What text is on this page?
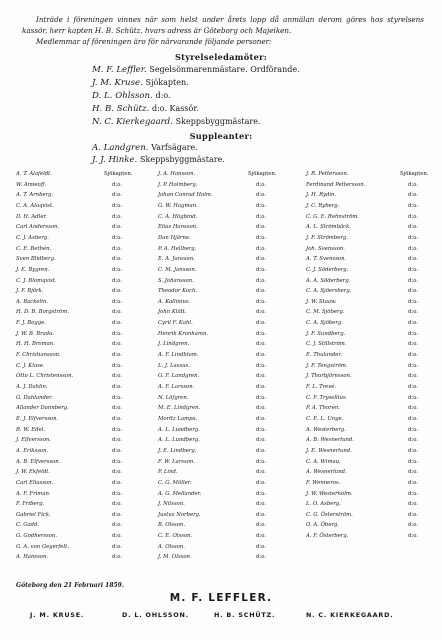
Inträde i föreningen vinnes när som helst under årets lopp då anmälan derom göres hos styrelsens kassör, herr kapten H. B. Schütz, hvars adress är Göteborg och Majeiken.

Medlemmar af föreningen äro för närvarande följande personer:

Styrelseledamöter:
M. F. Leffler. Segelsönmarenmästare. Ordförande.
J. M. Kruse. Sjökapten.
D. L. Ohlsson. d:o.
H. B. Schütz. d:o. Kassör.
N. C. Kierkegaard. Skeppsbyggmästare.
Suppleanter:
A. Landgren. Varfsägare.
J. J. Hinke. Skeppsbyggmästare.
A. T. Alafeldt.	Sjökapten.
W. Amieoff.	d:o.
A. T. Arnberg.	d:o.
C. A. Alaqvist.	d:o.
D. H. Adler.	d:o.
Carl Andersson.	d:o.
C. J. Asberg.	d:o.
C. E. Bethén.	d:o.
Sven Blidberg.	d:o.
J. E. Bygren.	d:o.
C. J. Blomqvist.	d:o.
J. F. Björk.	d:o.
A. Backelin.	d:o.
H. D. B. Borgström.	d:o.
F. J. Bogge.	d:o.
J. W. B. Brada.	d:o.
H. H. Broman.	d:o.
F. Christiansson.	d:o.
C. J. Klase.	d:o.
Otto L. Christensson.	d:o.
A. J. Dahlin.	d:o.
G. Dahlander.	d:o.
Allander Dannberg.	d:o.
E. J. Elfversson.	d:o.
R. W. Edel.	d:o.
J. Elfversson.	d:o.
A. Eriksson.	d:o.
A. B. Elfversson.	d:o.
J. W. Ekfeldt.	d:o.
Carl Eliasson.	d:o.
A. F. Friman.	d:o.
F. Friberg.	d:o.
Gabriel Fick.	d:o.
C. Gadd.	d:o.
G. Godhersson.	d:o.
G. A. von Gegerfelt.	d:o.
A. Hansson.	d:o.
J. A. Hansson.	Sjökapten.
J. P. Holmberg.	d:o.
Johan Conrad Holm.	d:o.
G. W. Hagman.	d:o.
C. A. Högbind.	d:o.
Elias Hansson.	d:o.
Dan Hjärne.	d:o.
P. A. Hellberg.	d:o.
E. A. Jansson.	d:o.
C. M. Jansson.	d:o.
S. Johansson.	d:o.
Theodor Koch.	d:o.
A. Kallinius.	d:o.
John Klätt.	d:o.
Cyril F. Kahl.	d:o.
Henrik Kronhamn.	d:o.
J. Lindgren.	d:o.
A. F. Lindblom.	d:o.
L. J. Lassus.	d:o.
G. F. Landgren.	d:o.
A. F. Larsson.	d:o.
N. Löfgren.	d:o.
M. E. Lindgren.	d:o.
Moritz Lampa.	d:o.
A. L. Lundberg.	d:o.
A. L. Lundberg.	d:o.
J. E. Lindberg.	d:o.
F. W. Larsson.	d:o.
P. Lind.	d:o.
C. G. Möller.	d:o.
A. G. Mellander.	d:o.
J. Nilsson.	d:o.
Justus Norberg.	d:o.
B. Olsson.	d:o.
C. E. Olsson.	d:o.
A. Olsson.	d:o.
J. M. Olsson.	d:o.
J. R. Pettersson.	Sjökapten.
Ferdinand Pettersson.	d:o.
J. H. Rydin.	d:o.
J. C. Ryberg.	d:o.
C. G. E. Rehnström.	d:o.
A. L. Strömbäck.	d:o.
J. F. Strömberg.	d:o.
Joh. Svensson.	d:o.
A. T. Svensson.	d:o.
C. J. Söderberg.	d:o.
A. A. Söderberg.	d:o.
C. A. Sjöersberg.	d:o.
J. W. Staaw.	d:o.
C. M. Sjöberg.	d:o.
C. A. Sjöberg.	d:o.
J. F. Sundberg.	d:o.
C. J. Stillström.	d:o.
E. Thulander.	d:o.
J. F. Tengström.	d:o.
J. Thorbjörnsson.	d:o.
F. L. Trevé.	d:o.
C. F. Trysellius.	d:o.
P. A. Thorén.	d:o.
C. E. L. Unge.	d:o.
A. Westerberg.	d:o.
A. B. Wesnerlund.	d:o.
J. E. Wesnerlund.	d:o.
C. A. Wimau.	d:o.
A. Wesnerlund.	d:o.
F. Wenneros.	d:o.
J. W. Westerholm.	d:o.
L. O. Asberg.	d:o.
C. G. Österström.	d:o.
O. A. Öberg.	d:o.
A. F. Österberg.	d:o.
Göteborg den 21 Februari 1859.
M. F. LEFFLER.
J. M. KRUSE.	D. L. OHLSSON.	H. B. SCHÜTZ.	N. C. KIERKEGAARD.
